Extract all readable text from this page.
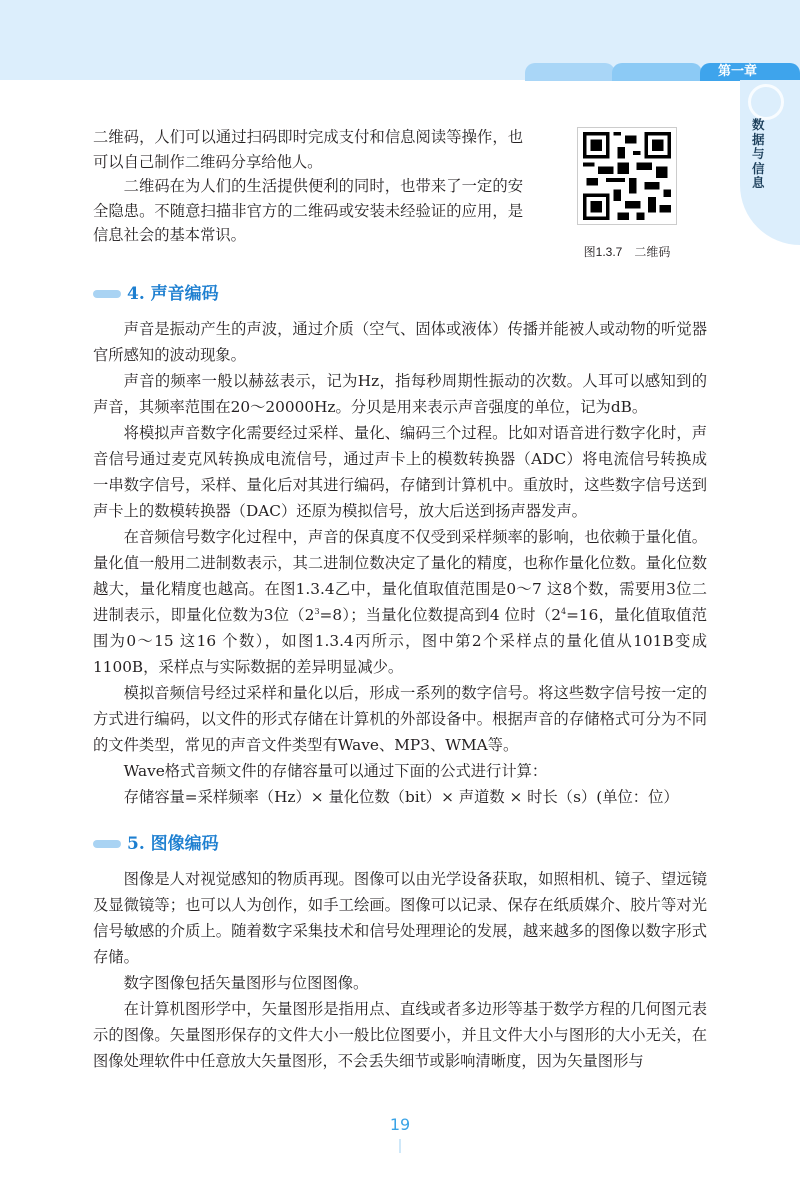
第一章
数据与信息

二维码，人们可以通过扫码即时完成支付和信息阅读等操作，也可以自己制作二维码分享给他人。

二维码在为人们的生活提供便利的同时，也带来了一定的安全隐患。不随意扫描非官方的二维码或安装未经验证的应用，是信息社会的基本常识。

图1.3.7　二维码
4. 声音编码

声音是振动产生的声波，通过介质（空气、固体或液体）传播并能被人或动物的听觉器官所感知的波动现象。

声音的频率一般以赫兹表示，记为Hz，指每秒周期性振动的次数。人耳可以感知到的声音，其频率范围在20～20000Hz。分贝是用来表示声音强度的单位，记为dB。

将模拟声音数字化需要经过采样、量化、编码三个过程。比如对语音进行数字化时，声音信号通过麦克风转换成电流信号，通过声卡上的模数转换器（ADC）将电流信号转换成一串数字信号，采样、量化后对其进行编码，存储到计算机中。重放时，这些数字信号送到声卡上的数模转换器（DAC）还原为模拟信号，放大后送到扬声器发声。

在音频信号数字化过程中，声音的保真度不仅受到采样频率的影响，也依赖于量化值。量化值一般用二进制数表示，其二进制位数决定了量化的精度，也称作量化位数。量化位数越大，量化精度也越高。在图1.3.4乙中，量化值取值范围是0～7 这8个数，需要用3位二进制表示，即量化位数为3位$(2^3=8)$；当量化位数提高到4 位时（$2^4=16$，量化值取值范围为0～15 这16 个数），如图1.3.4丙所示，图中第2个采样点的量化值从101B变成1100B，采样点与实际数据的差异明显减少。

模拟音频信号经过采样和量化以后，形成一系列的数字信号。将这些数字信号按一定的方式进行编码，以文件的形式存储在计算机的外部设备中。根据声音的存储格式可分为不同的文件类型，常见的声音文件类型有Wave、MP3、WMA等。

Wave格式音频文件的存储容量可以通过下面的公式进行计算：

存储容量=采样频率（Hz）× 量化位数（bit）× 声道数 × 时长（s）(单位：位）

5. 图像编码

图像是人对视觉感知的物质再现。图像可以由光学设备获取，如照相机、镜子、望远镜及显微镜等；也可以人为创作，如手工绘画。图像可以记录、保存在纸质媒介、胶片等对光信号敏感的介质上。随着数字采集技术和信号处理理论的发展，越来越多的图像以数字形式存储。

数字图像包括矢量图形与位图图像。

在计算机图形学中，矢量图形是指用点、直线或者多边形等基于数学方程的几何图元表示的图像。矢量图形保存的文件大小一般比位图要小，并且文件大小与图形的大小无关，在图像处理软件中任意放大矢量图形，不会丢失细节或影响清晰度，因为矢量图形与

19
